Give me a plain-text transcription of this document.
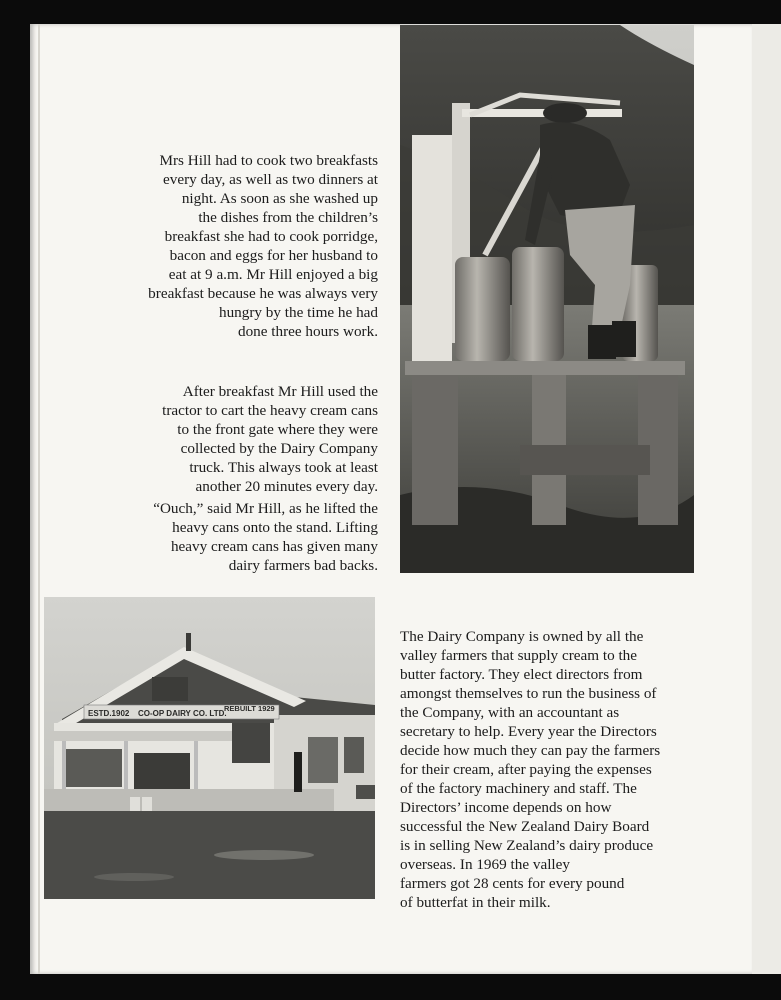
Mrs Hill had to cook two breakfasts
every day, as well as two dinners at
night. As soon as she washed up
the dishes from the children’s
breakfast she had to cook porridge,
bacon and eggs for her husband to
eat at 9 a.m. Mr Hill enjoyed a big
breakfast because he was always very
hungry by the time he had
done three hours work.
After breakfast Mr Hill used the
tractor to cart the heavy cream cans
to the front gate where they were
collected by the Dairy Company
truck. This always took at least
another 20 minutes every day.
“Ouch,” said Mr Hill, as he lifted the
heavy cans onto the stand. Lifting
heavy cream cans has given many
dairy farmers bad backs.
The Dairy Company is owned by all the
valley farmers that supply cream to the
butter factory. They elect directors from
amongst themselves to run the business of
the Company, with an accountant as
secretary to help. Every year the Directors
decide how much they can pay the farmers
for their cream, after paying the expenses
of the factory machinery and staff. The
Directors’ income depends on how
successful the New Zealand Dairy Board
is in selling New Zealand’s dairy produce
overseas. In 1969 the valley
farmers got 28 cents for every pound
of butterfat in their milk.
ESTD.1902 CO-OP DAIRY CO. LTD.
REBUILT 1929
